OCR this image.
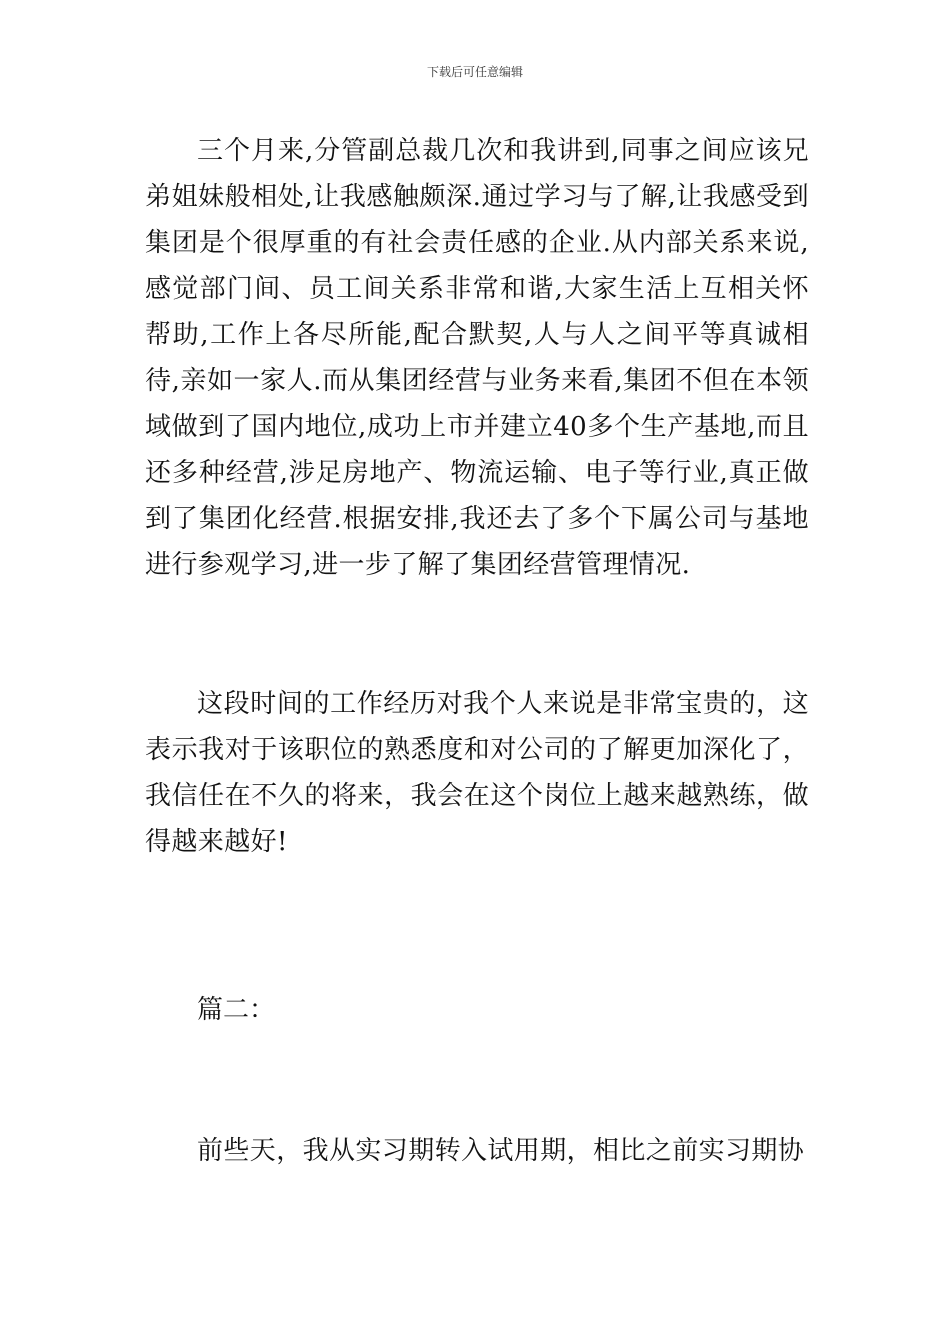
下载后可任意编辑

三个月来,分管副总裁几次和我讲到,同事之间应该兄弟姐妹般相处,让我感触颇深.通过学习与了解,让我感受到集团是个很厚重的有社会责任感的企业.从内部关系来说,感觉部门间、员工间关系非常和谐,大家生活上互相关怀帮助,工作上各尽所能,配合默契,人与人之间平等真诚相待,亲如一家人.而从集团经营与业务来看,集团不但在本领域做到了国内地位,成功上市并建立40多个生产基地,而且还多种经营,涉足房地产、物流运输、电子等行业,真正做到了集团化经营.根据安排,我还去了多个下属公司与基地进行参观学习,进一步了解了集团经营管理情况.

这段时间的工作经历对我个人来说是非常宝贵的，这表示我对于该职位的熟悉度和对公司的了解更加深化了，我信任在不久的将来，我会在这个岗位上越来越熟练，做得越来越好!

篇二：

前些天，我从实习期转入试用期，相比之前实习期协
